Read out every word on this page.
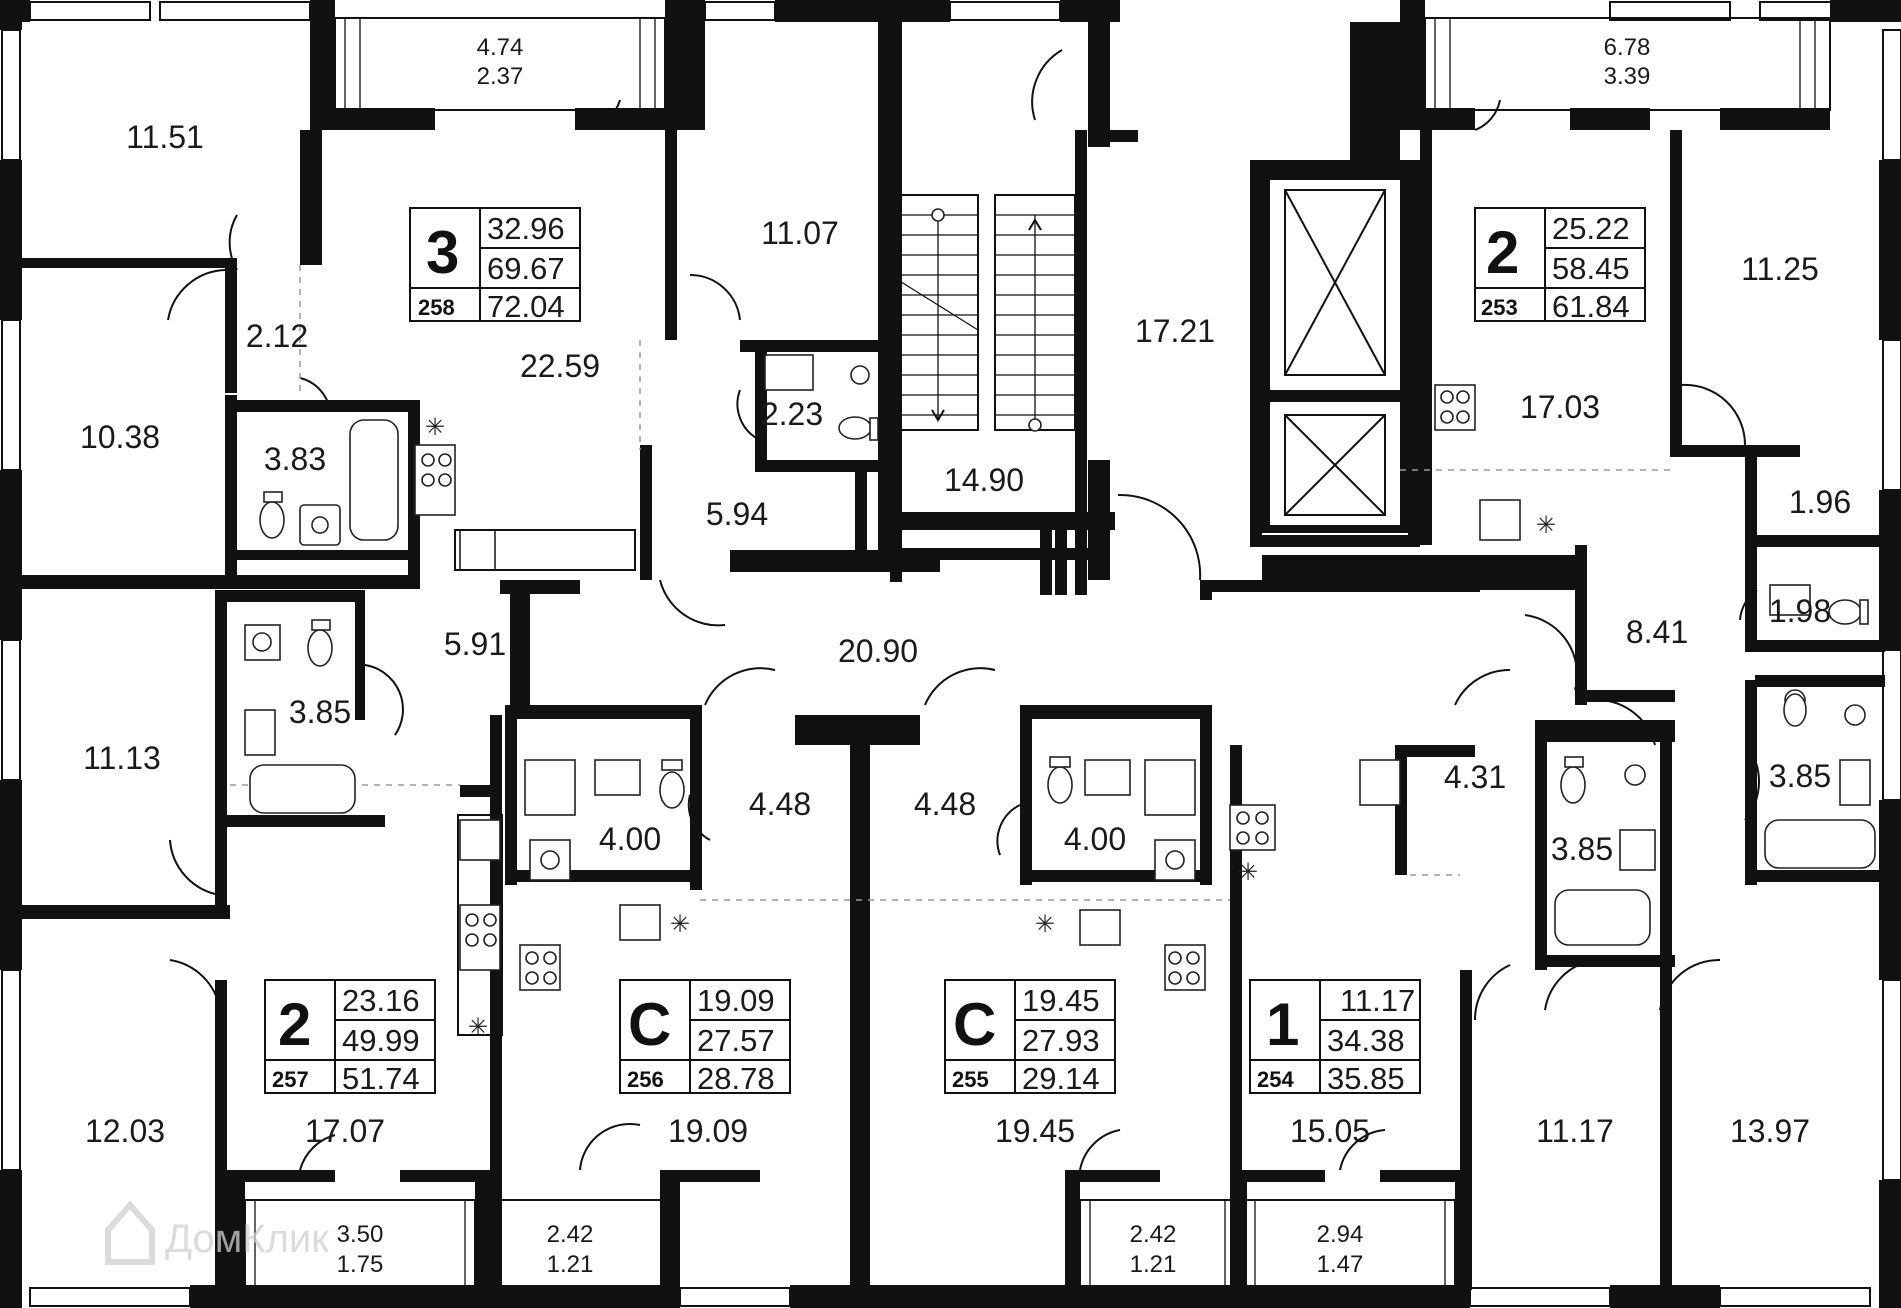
✳
✳
✳
✳
✳
✳
3 32.96
69.67
258 72.04
2 25.22
58.45
253 61.84
2 23.16
49.99
257 51.74
С 19.09
27.57
256 28.78
С 19.45
27.93
255 29.14
1 11.17
34.38
254 35.85
11.51
2.12
10.38
3.83
22.59
11.07
2.23
5.94
14.90
17.21
17.03
11.25
1.96
1.98
8.41
20.90
11.13
3.85
5.91
4.00
4.48	4.48
4.00
4.31
3.85
3.85
12.03	17.07	19.09	19.45	15.05	11.17	13.97
4.74
2.37
6.78
3.39
3.50
1.75
2.42
1.21
2.42
1.21
2.94
1.47
ДомКлик
